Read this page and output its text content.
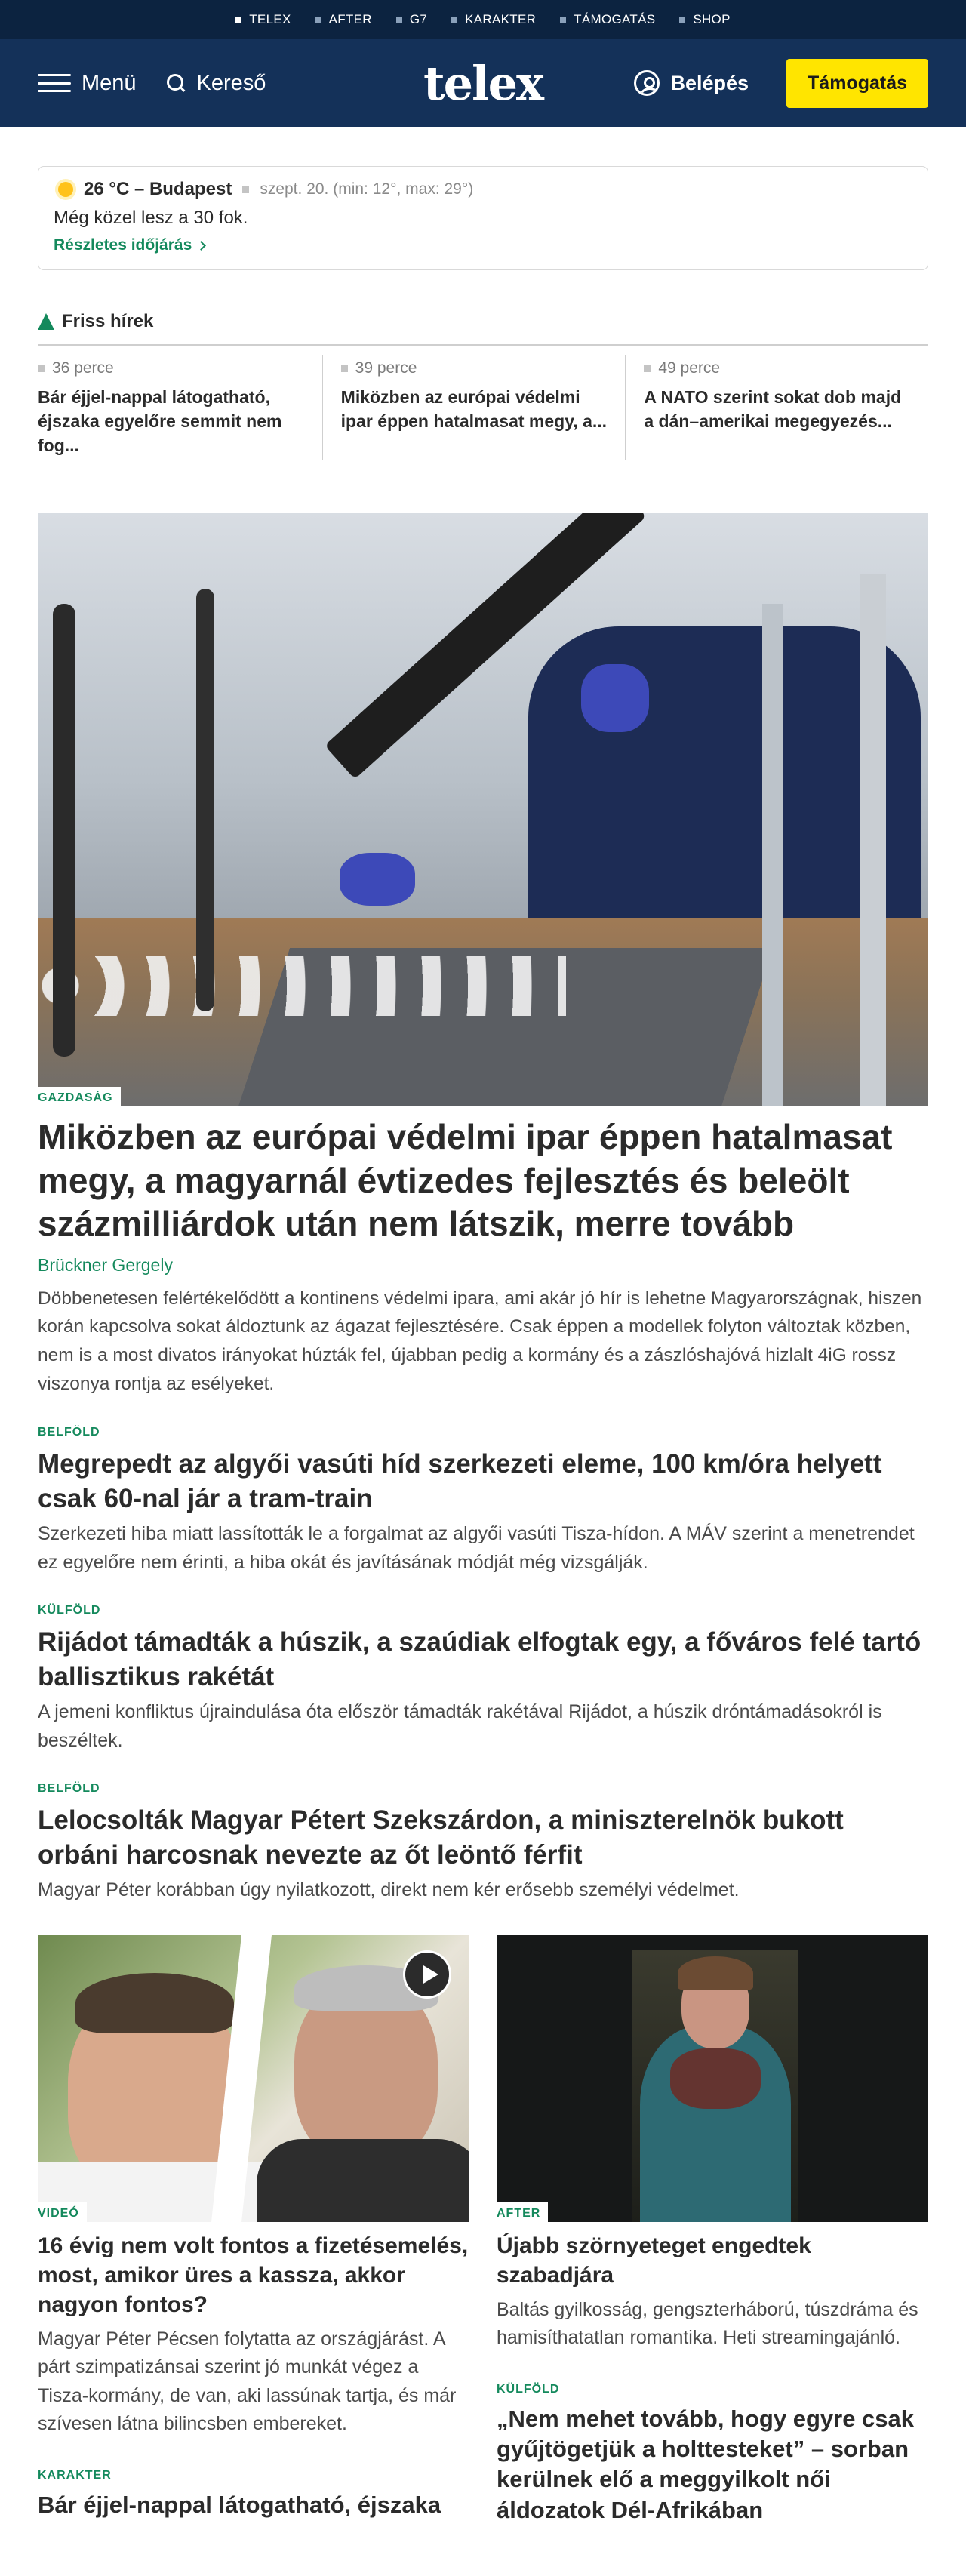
TELEX	AFTER	G7	KARAKTER	TÁMOGATÁS	SHOP
Menü	Kereső	telex	Belépés	Támogatás
26 °C – Budapest szept. 20. (min: 12°, max: 29°)
Még közel lesz a 30 fok.
Részletes időjárás
Friss hírek
36 perce
Bár éjjel-nappal látogatható, éjszaka egyelőre semmit nem fog...
39 perce
Miközben az európai védelmi ipar éppen hatalmasat megy, a...
49 perce
A NATO szerint sokat dob majd a dán–amerikai megegyezés...
GAZDASÁG
Miközben az európai védelmi ipar éppen hatalmasat megy, a magyarnál évtizedes fejlesztés és beleölt százmilliárdok után nem látszik, merre tovább
Brückner Gergely
Döbbenetesen felértékelődött a kontinens védelmi ipara, ami akár jó hír is lehetne Magyarországnak, hiszen korán kapcsolva sokat áldoztunk az ágazat fejlesztésére. Csak éppen a modellek folyton változtak közben, nem is a most divatos irányokat húzták fel, újabban pedig a kormány és a zászlóshajóvá hizlalt 4iG rossz viszonya rontja az esélyeket.
BELFÖLD
Megrepedt az algyői vasúti híd szerkezeti eleme, 100 km/óra helyett csak 60-nal jár a tram-train
Szerkezeti hiba miatt lassították le a forgalmat az algyői vasúti Tisza-hídon. A MÁV szerint a menetrendet ez egyelőre nem érinti, a hiba okát és javításának módját még vizsgálják.
KÜLFÖLD
Rijádot támadták a húszik, a szaúdiak elfogtak egy, a főváros felé tartó ballisztikus rakétát
A jemeni konfliktus újraindulása óta először támadták rakétával Rijádot, a húszik dróntámadásokról is beszéltek.
BELFÖLD
Lelocsolták Magyar Pétert Szekszárdon, a miniszterelnök bukott orbáni harcosnak nevezte az őt leöntő férfit
Magyar Péter korábban úgy nyilatkozott, direkt nem kér erősebb személyi védelmet.
VIDEÓ
16 évig nem volt fontos a fizetésemelés, most, amikor üres a kassza, akkor nagyon fontos?
Magyar Péter Pécsen folytatta az országjárást. A párt szimpatizánsai szerint jó munkát végez a Tisza-kormány, de van, aki lassúnak tartja, és már szívesen látna bilincsben embereket.
KARAKTER
Bár éjjel-nappal látogatható, éjszaka
AFTER
Újabb szörnyeteget engedtek szabadjára
Baltás gyilkosság, gengszterháború, túszdráma és hamisíthatatlan romantika. Heti streamingajánló.
KÜLFÖLD
„Nem mehet tovább, hogy egyre csak gyűjtögetjük a holttesteket” – sorban kerülnek elő a meggyilkolt női áldozatok Dél-Afrikában
